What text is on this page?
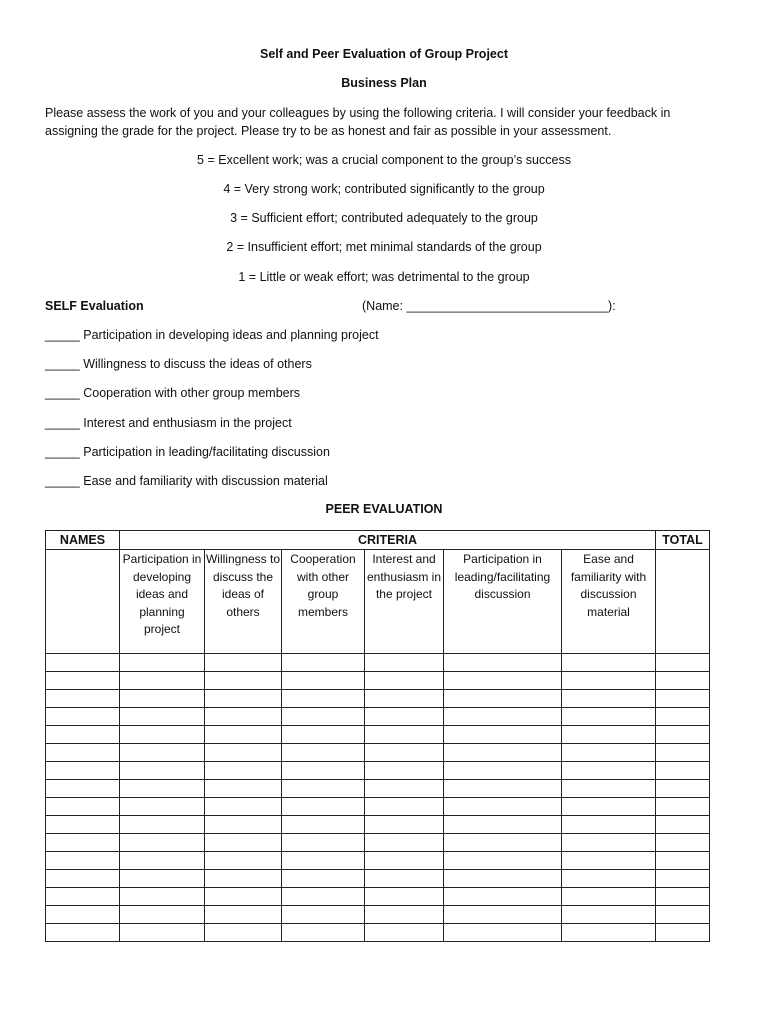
Self and Peer Evaluation of Group Project
Business Plan
Please assess the work of you and your colleagues by using the following criteria. I will consider your feedback in assigning the grade for the project. Please try to be as honest and fair as possible in your assessment.
5 = Excellent work; was a crucial component to the group’s success
4 = Very strong work; contributed significantly to the group
3 = Sufficient effort; contributed adequately to the group
2 = Insufficient effort; met minimal standards of the group
1 = Little or weak effort; was detrimental to the group
SELF Evaluation	(Name: _____________________________):
_____ Participation in developing ideas and planning project
_____ Willingness to discuss the ideas of others
_____ Cooperation with other group members
_____ Interest and enthusiasm in the project
_____ Participation in leading/facilitating discussion
_____ Ease and familiarity with discussion material
PEER EVALUATION
NAMES	CRITERIA						TOTAL
	Participation in developing ideas and planning project	Willingness to discuss the ideas of others	Cooperation with other group members	Interest and enthusiasm in the project	Participation in leading/facilitating discussion	Ease and familiarity with discussion material	
